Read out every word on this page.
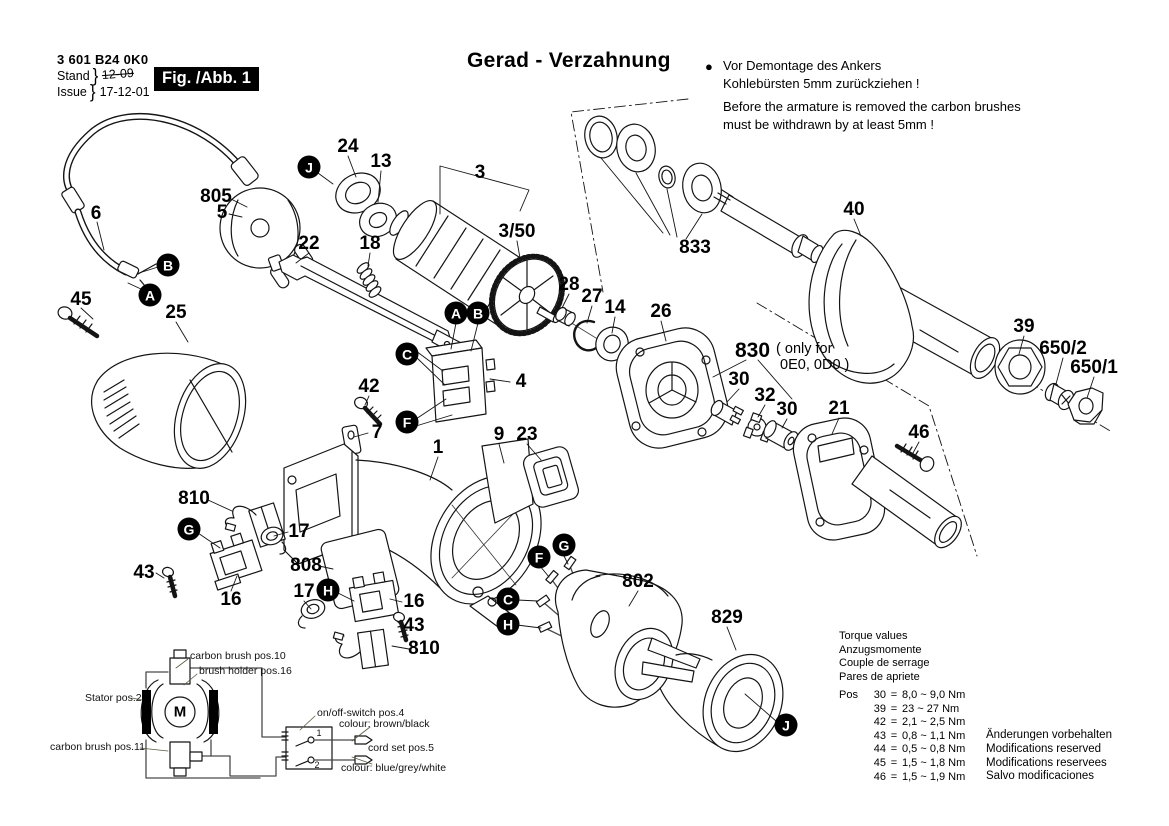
3 601 B24 0K0
Stand } 12-09
Issue } 17-12-01
Fig. /Abb. 1
Gerad - Verzahnung	● Vor Demontage des Ankers
Kohlebürsten 5mm zurückziehen !
Before the armature is removed the carbon brushes
must be withdrawn by at least 5mm !
830 ( only for
0E0, 0D0 )
45
25
6
805
5
24
13
3
3/50
22 18
28
27
14 26
833
40
39
650/2
650/1
30
32
30 21
46
42
7
1
9 23
4
810
17
43
16
808
17	16
43
810
802
829
J
B
A
A B
C
F
G
H
G
F
C
H
J
Torque values
Anzugsmomente
Couple de serrage
Pares de apriete
Pos	30 = 8,0 ~ 9,0 Nm
39 = 23 ~ 27 Nm
42 = 2,1 ~ 2,5 Nm
43 = 0,8 ~ 1,1 Nm
44 = 0,5 ~ 0,8 Nm
45 = 1,5 ~ 1,8 Nm
46 = 1,5 ~ 1,9 Nm
Änderungen vorbehalten
Modifications reserved
Modifications reservees
Salvo modificaciones
carbon brush pos.10
brush holder pos.16
Stator pos.2
carbon brush pos.11
on/off-switch pos.4
colour: brown/black
cord set pos.5
colour: blue/grey/white
M
1
2
